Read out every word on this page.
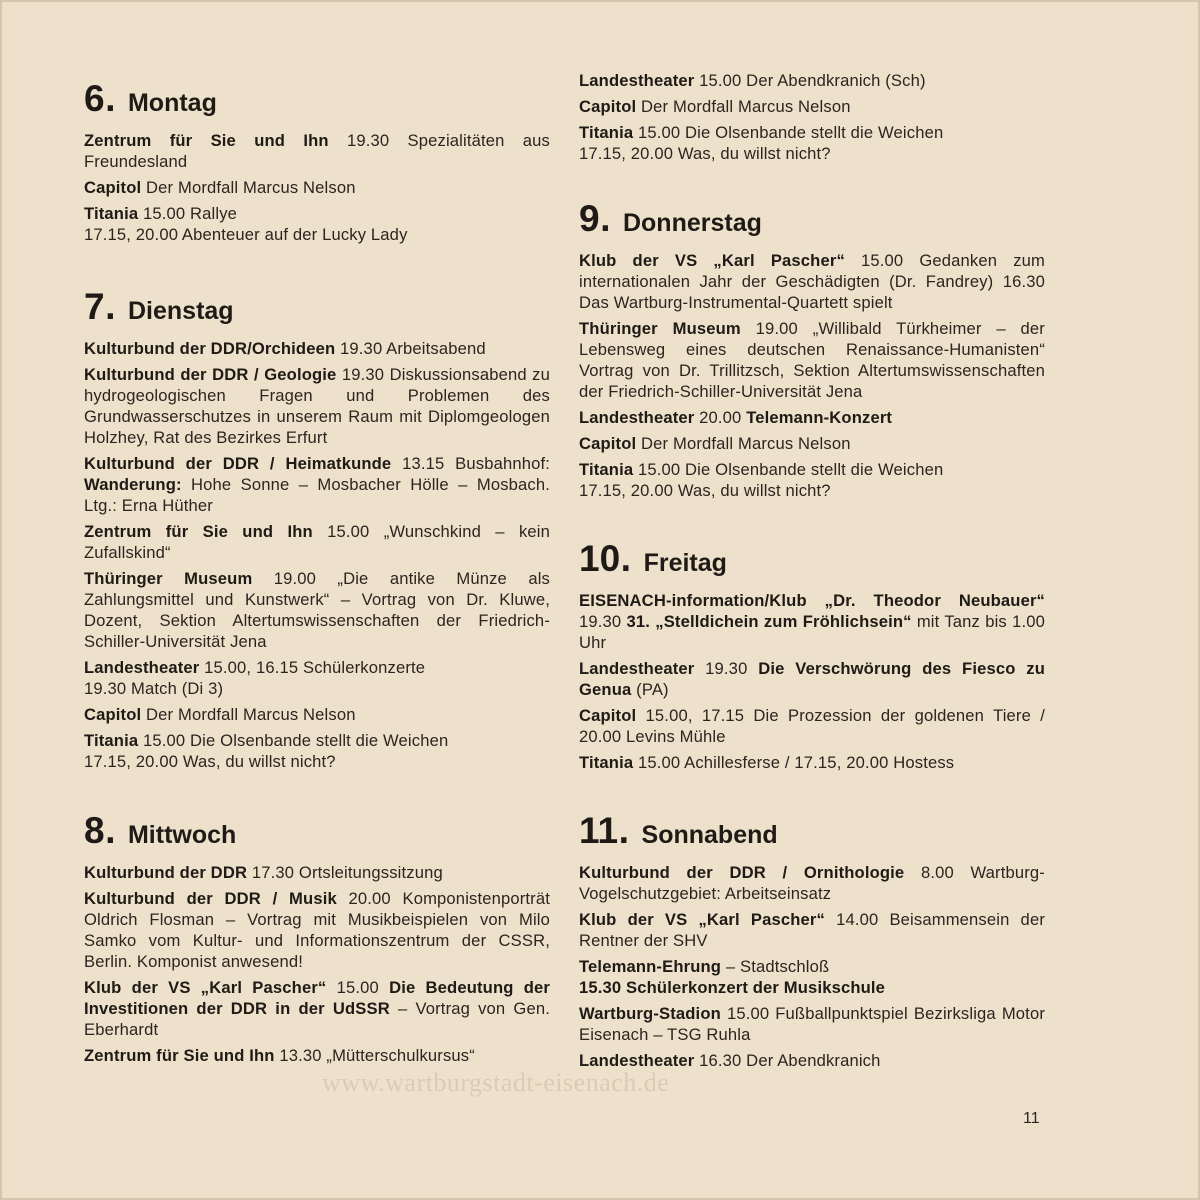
6 . Montag

Zentrum für Sie und Ihn 19.30 Spezialitäten aus Freundesland

Capitol Der Mordfall Marcus Nelson

Titania 15.00 Rallye
17.15, 20.00 Abenteuer auf der Lucky Lady

7 . Dienstag

Kulturbund der DDR/Orchideen 19.30 Arbeitsabend

Kulturbund der DDR / Geologie 19.30 Diskussionsabend zu hydrogeologischen Fragen und Problemen des Grundwasserschutzes in unserem Raum mit Diplomgeologen Holzhey, Rat des Bezirkes Erfurt

Kulturbund der DDR / Heimatkunde 13.15 Busbahnhof: Wanderung: Hohe Sonne – Mosbacher Hölle – Mosbach. Ltg.: Erna Hüther

Zentrum für Sie und Ihn 15.00 „Wunschkind – kein Zufallskind“

Thüringer Museum 19.00 „Die antike Münze als Zahlungsmittel und Kunstwerk“ – Vortrag von Dr. Kluwe, Dozent, Sektion Altertumswissenschaften der Friedrich-Schiller-Universität Jena

Landestheater 15.00, 16.15 Schülerkonzerte
19.30 Match (Di 3)

Capitol Der Mordfall Marcus Nelson

Titania 15.00 Die Olsenbande stellt die Weichen
17.15, 20.00 Was, du willst nicht?

8 . Mittwoch

Kulturbund der DDR 17.30 Ortsleitungssitzung

Kulturbund der DDR / Musik 20.00 Komponistenporträt Oldrich Flosman – Vortrag mit Musikbeispielen von Milo Samko vom Kultur- und Informationszentrum der CSSR, Berlin. Komponist anwesend!

Klub der VS „Karl Pascher“ 15.00 Die Bedeutung der Investitionen der DDR in der UdSSR – Vortrag von Gen. Eberhardt

Zentrum für Sie und Ihn 13.30 „Mütterschulkursus“

Landestheater 15.00 Der Abendkranich (Sch)

Capitol Der Mordfall Marcus Nelson

Titania 15.00 Die Olsenbande stellt die Weichen
17.15, 20.00 Was, du willst nicht?

9 . Donnerstag

Klub der VS „Karl Pascher“ 15.00 Gedanken zum internationalen Jahr der Geschädigten (Dr. Fandrey) 16.30 Das Wartburg-Instrumental-Quartett spielt

Thüringer Museum 19.00 „Willibald Türkheimer – der Lebensweg eines deutschen Renaissance-Humanisten“ Vortrag von Dr. Trillitzsch, Sektion Altertumswissenschaften der Friedrich-Schiller-Universität Jena

Landestheater 20.00 Telemann-Konzert

Capitol Der Mordfall Marcus Nelson

Titania 15.00 Die Olsenbande stellt die Weichen
17.15, 20.00 Was, du willst nicht?

10 . Freitag

EISENACH-information/Klub „Dr. Theodor Neubauer“ 19.30 31. „Stelldichein zum Fröhlichsein“ mit Tanz bis 1.00 Uhr

Landestheater 19.30 Die Verschwörung des Fiesco zu Genua (PA)

Capitol 15.00, 17.15 Die Prozession der goldenen Tiere / 20.00 Levins Mühle

Titania 15.00 Achillesferse / 17.15, 20.00 Hostess

11 . Sonnabend

Kulturbund der DDR / Ornithologie 8.00 Wartburg-Vogelschutzgebiet: Arbeitseinsatz

Klub der VS „Karl Pascher“ 14.00 Beisammensein der Rentner der SHV

Telemann-Ehrung – Stadtschloß
15.30 Schülerkonzert der Musikschule

Wartburg-Stadion 15.00 Fußballpunktspiel Bezirksliga Motor Eisenach – TSG Ruhla

Landestheater 16.30 Der Abendkranich

www.wartburgstadt-eisenach.de
11
